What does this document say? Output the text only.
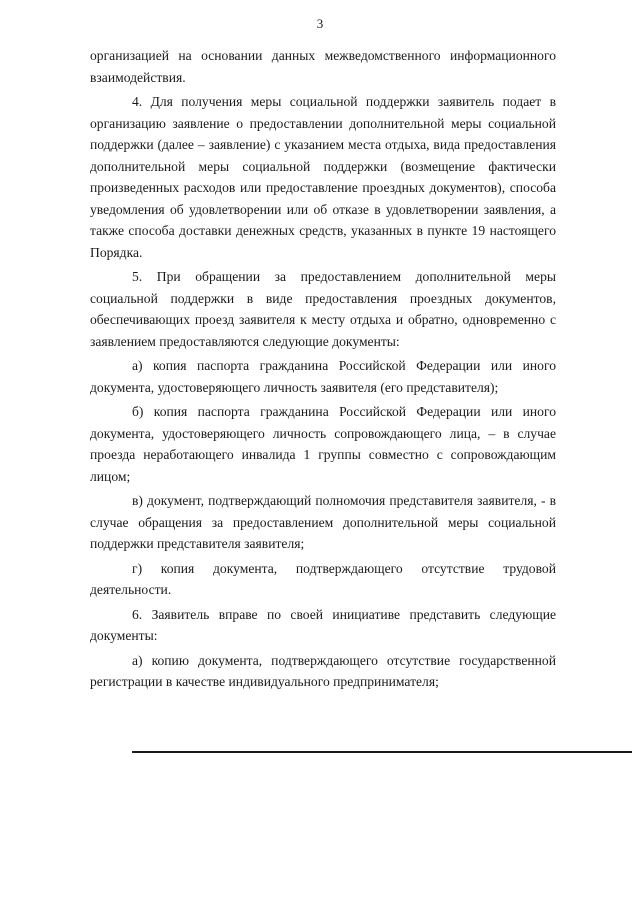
3

организацией на основании данных межведомственного информационного взаимодействия.

4. Для получения меры социальной поддержки заявитель подает в организацию заявление о предоставлении дополнительной меры социальной поддержки (далее – заявление) с указанием места отдыха, вида предоставления дополнительной меры социальной поддержки (возмещение фактически произведенных расходов или предоставление проездных документов), способа уведомления об удовлетворении или об отказе в удовлетворении заявления, а также способа доставки денежных средств, указанных в пункте 19 настоящего Порядка.

5. При обращении за предоставлением дополнительной меры социальной поддержки в виде предоставления проездных документов, обеспечивающих проезд заявителя к месту отдыха и обратно, одновременно с заявлением предоставляются следующие документы:

а) копия паспорта гражданина Российской Федерации или иного документа, удостоверяющего личность заявителя (его представителя);

б) копия паспорта гражданина Российской Федерации или иного документа, удостоверяющего личность сопровождающего лица, – в случае проезда неработающего инвалида 1 группы совместно с сопровождающим лицом;

в) документ, подтверждающий полномочия представителя заявителя, - в случае обращения за предоставлением дополнительной меры социальной поддержки представителя заявителя;

г) копия документа, подтверждающего отсутствие трудовой деятельности.

6. Заявитель вправе по своей инициативе представить следующие документы:

а) копию документа, подтверждающего отсутствие государственной регистрации в качестве индивидуального предпринимателя;
